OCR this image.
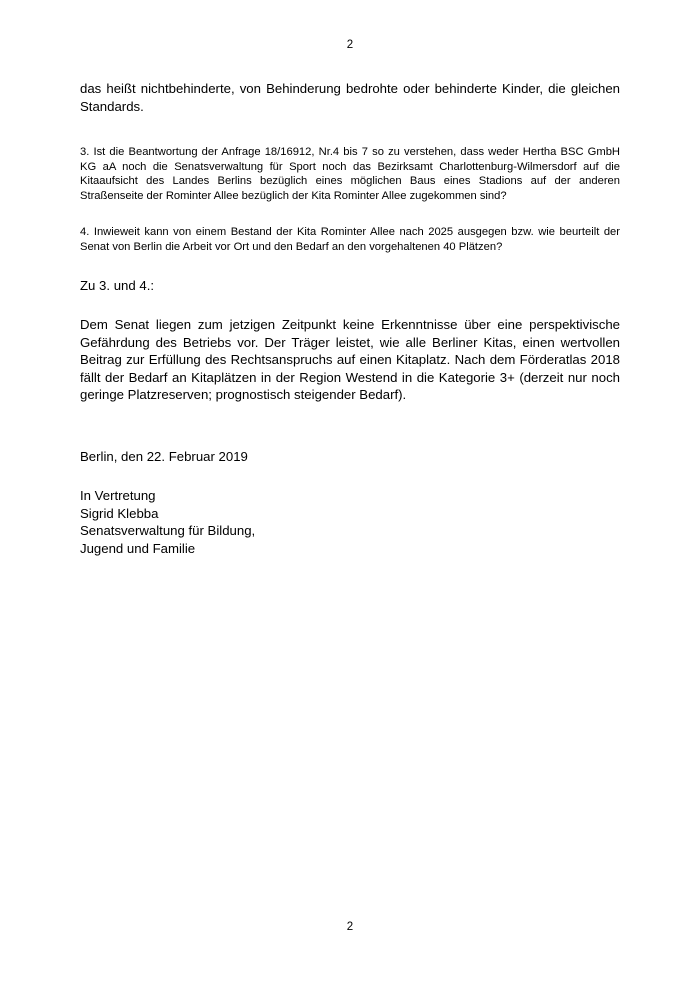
2

das heißt nichtbehinderte, von Behinderung bedrohte oder behinderte Kinder, die gleichen Standards.

3. Ist die Beantwortung der Anfrage 18/16912, Nr.4 bis 7 so zu verstehen, dass weder Hertha BSC GmbH KG aA noch die Senatsverwaltung für Sport noch das Bezirksamt Charlottenburg-Wilmersdorf auf die Kitaaufsicht des Landes Berlins bezüglich eines möglichen Baus eines Stadions auf der anderen Straßenseite der Rominter Allee bezüglich der Kita Rominter Allee zugekommen sind?

4. Inwieweit kann von einem Bestand der Kita Rominter Allee nach 2025 ausgegen bzw. wie beurteilt der Senat von Berlin die Arbeit vor Ort und den Bedarf an den vorgehaltenen 40 Plätzen?

Zu 3. und 4.:

Dem Senat liegen zum jetzigen Zeitpunkt keine Erkenntnisse über eine perspektivische Gefährdung des Betriebs vor. Der Träger leistet, wie alle Berliner Kitas, einen wertvollen Beitrag zur Erfüllung des Rechtsanspruchs auf einen Kitaplatz. Nach dem Förderatlas 2018 fällt der Bedarf an Kitaplätzen in der Region Westend in die Kategorie 3+ (derzeit nur noch geringe Platzreserven; prognostisch steigender Bedarf).

Berlin, den 22. Februar 2019

In Vertretung

Sigrid Klebba

Senatsverwaltung für Bildung,

Jugend und Familie

2
